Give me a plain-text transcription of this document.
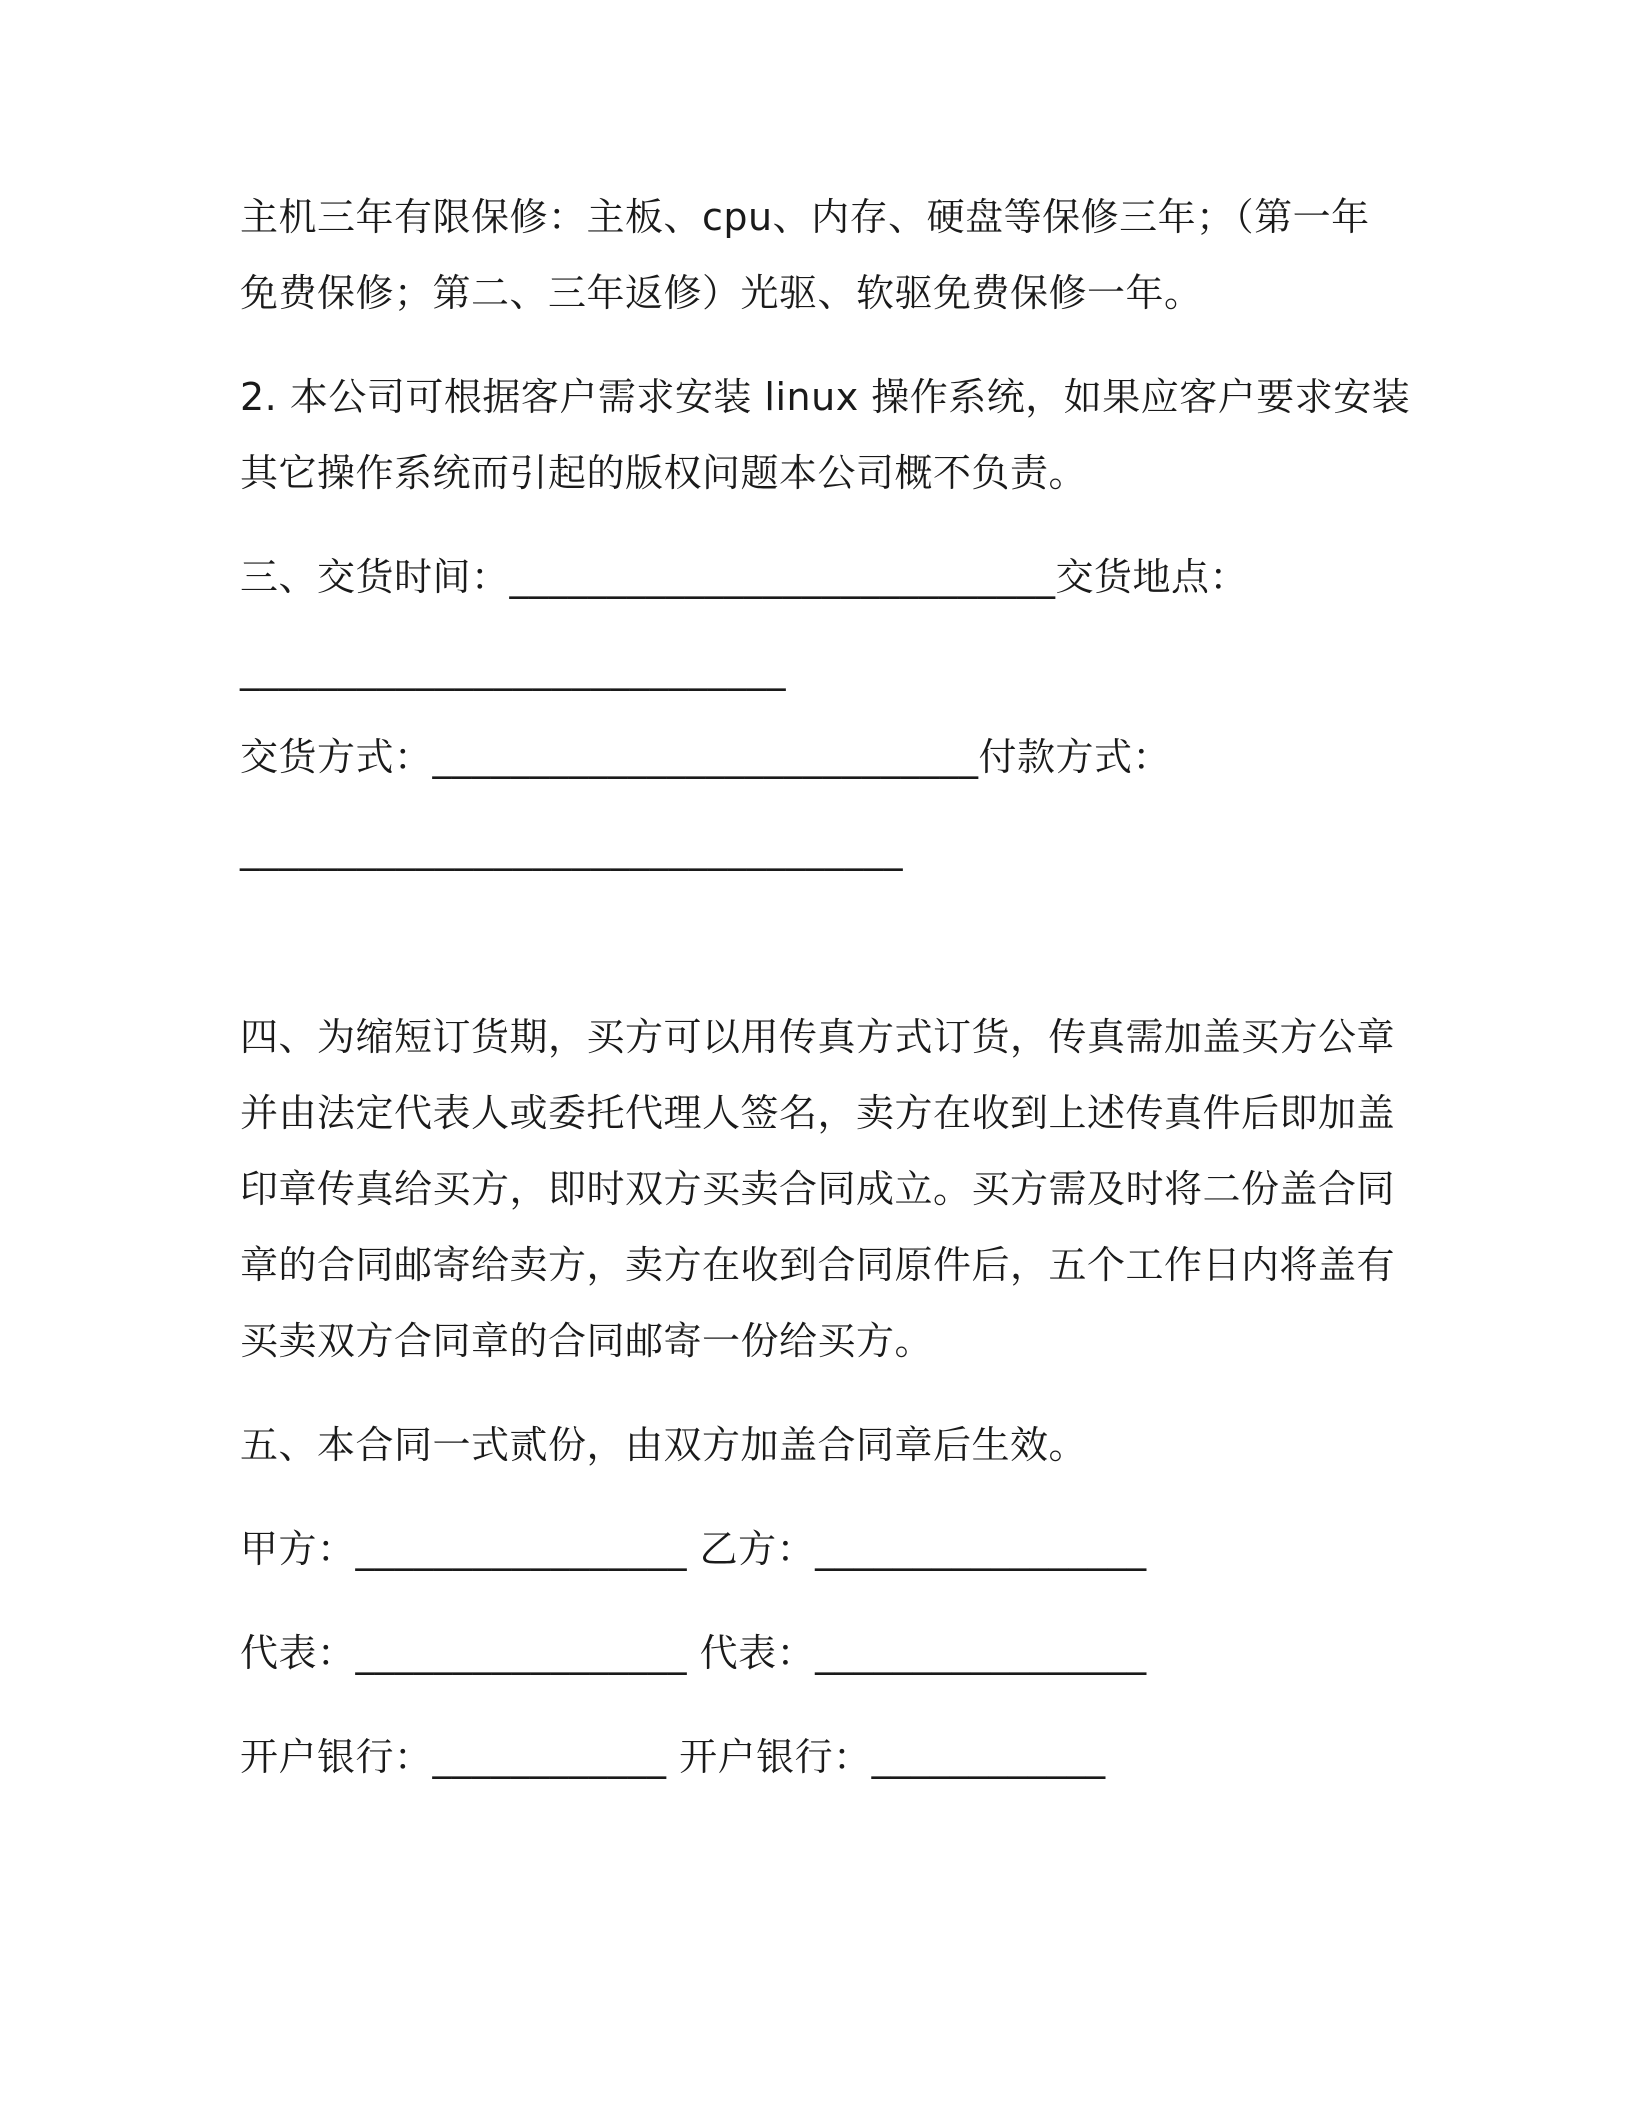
主机三年有限保修：主板、cpu、内存、硬盘等保修三年；（第一年
免费保修；第二、三年返修）光驱、软驱免费保修一年。
2. 本公司可根据客户需求安装 linux 操作系统，如果应客户要求安装
其它操作系统而引起的版权问题本公司概不负责。
三、交货时间：____________________________交货地点：
____________________________
交货方式：____________________________付款方式：
__________________________________
四、为缩短订货期，买方可以用传真方式订货，传真需加盖买方公章
并由法定代表人或委托代理人签名，卖方在收到上述传真件后即加盖
印章传真给买方，即时双方买卖合同成立。买方需及时将二份盖合同
章的合同邮寄给卖方，卖方在收到合同原件后，五个工作日内将盖有
买卖双方合同章的合同邮寄一份给买方。
五、本合同一式贰份，由双方加盖合同章后生效。
甲方：_________________ 乙方：_________________
代表：_________________ 代表：_________________
开户银行：____________ 开户银行：____________
